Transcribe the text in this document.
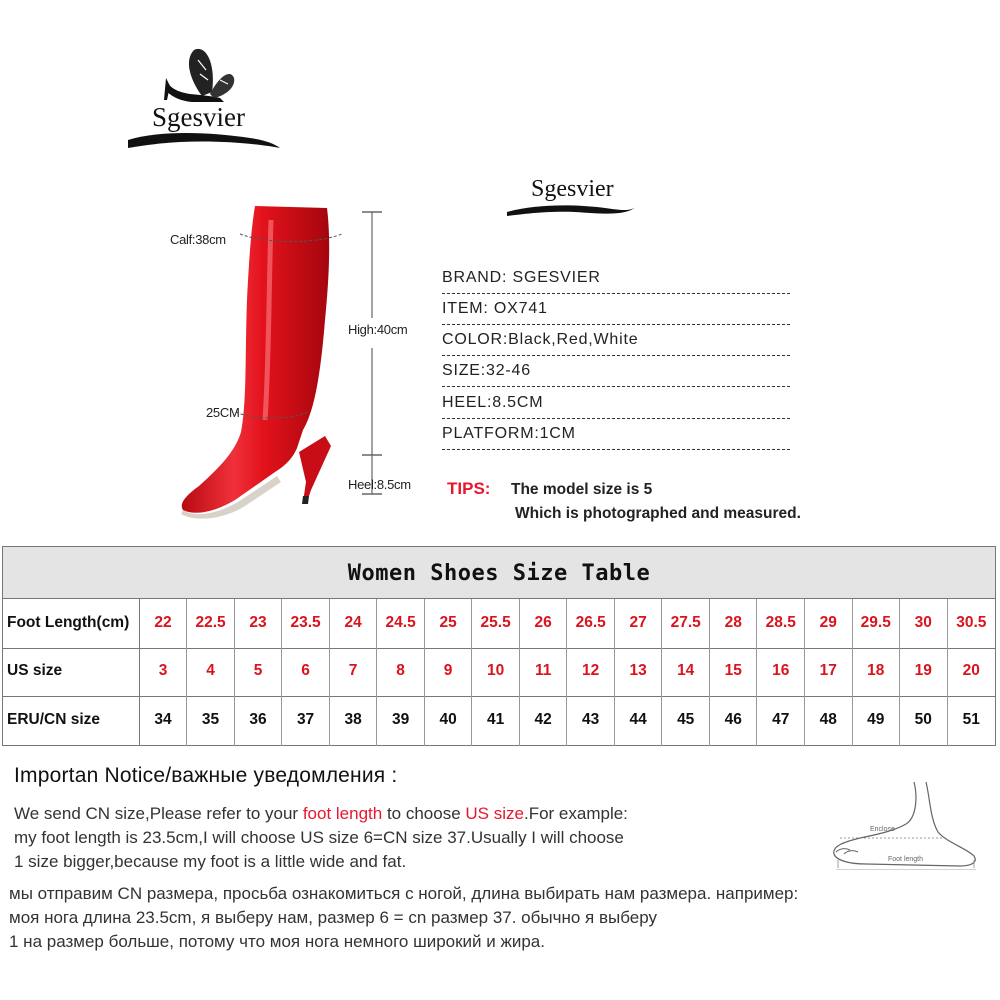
Sgesvier
Sgesvier
Calf:38cm
High:40cm
25CM
Heel:8.5cm
BRAND: SGESVIER
ITEM: OX741
COLOR:Black,Red,White
SIZE:32-46
HEEL:8.5CM
PLATFORM:1CM
TIPS: The model size is 5
Which is photographed and measured.
Women Shoes Size Table
Foot Length(cm)	22	22.5	23	23.5	24	24.5	25	25.5	26	26.5	27	27.5	28	28.5	29	29.5	30	30.5
US size	3	4	5	6	7	8	9	10	11	12	13	14	15	16	17	18	19	20
ERU/CN size	34	35	36	37	38	39	40	41	42	43	44	45	46	47	48	49	50	51
Importan Notice/важные уведомления :
We send CN size,Please refer to your foot length to choose US size.For example:
my foot length is 23.5cm,I will choose US size 6=CN size 37.Usually I will choose
1 size bigger,because my foot is a little wide and fat.
мы отправим CN размера, просьба ознакомиться с ногой, длина выбирать нам размера. например:
моя нога длина 23.5cm, я выберу нам, размер 6 = cn размер 37. обычно я выберу
1 на размер больше, потому что моя нога немного широкий и жира.
Enclose
Foot length
